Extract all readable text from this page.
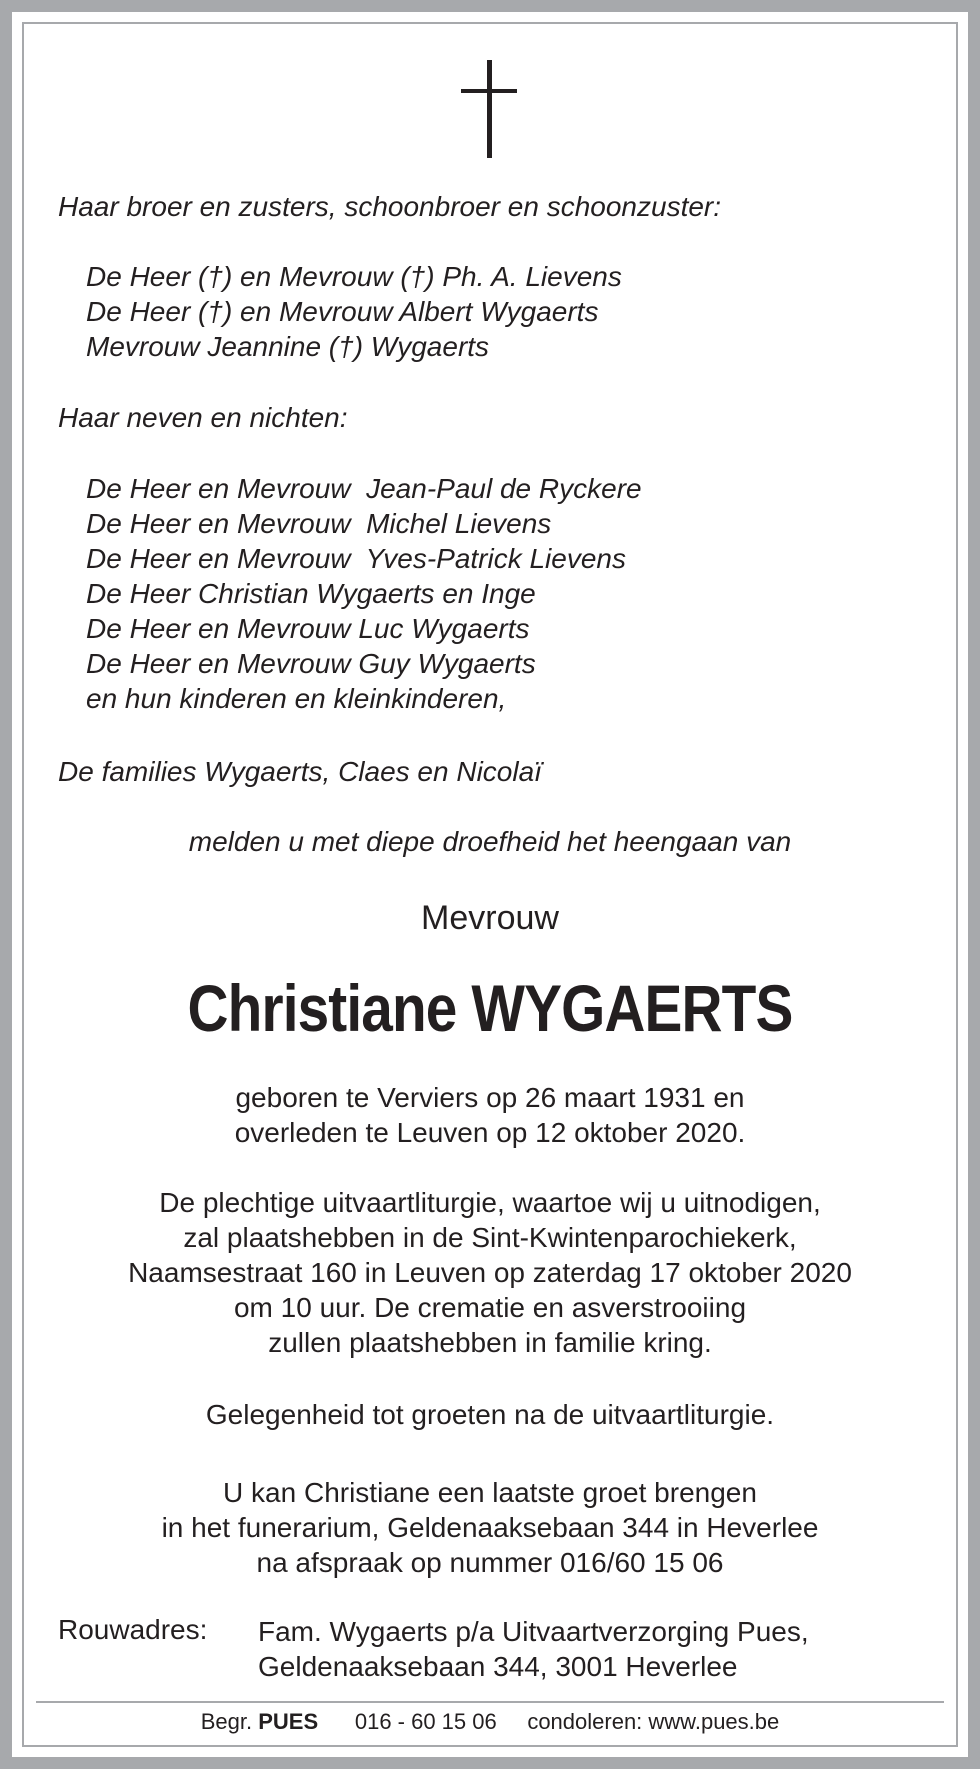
Haar broer en zusters, schoonbroer en schoonzuster:
De Heer (†) en Mevrouw (†) Ph. A. Lievens
De Heer (†) en Mevrouw Albert Wygaerts
Mevrouw Jeannine (†) Wygaerts
Haar neven en nichten:
De Heer en Mevrouw  Jean-Paul de Ryckere
De Heer en Mevrouw  Michel Lievens
De Heer en Mevrouw  Yves-Patrick Lievens
De Heer Christian Wygaerts en Inge
De Heer en Mevrouw Luc Wygaerts
De Heer en Mevrouw Guy Wygaerts
en hun kinderen en kleinkinderen,
De families Wygaerts, Claes en Nicolaï
melden u met diepe droefheid het heengaan van
Mevrouw
Christiane WYGAERTS
geboren te Verviers op 26 maart 1931 en
overleden te Leuven op 12 oktober 2020.
De plechtige uitvaartliturgie, waartoe wij u uitnodigen,
zal plaatshebben in de Sint-Kwintenparochiekerk,
Naamsestraat 160 in Leuven op zaterdag 17 oktober 2020
om 10 uur. De crematie en asverstrooiing
zullen plaatshebben in familie kring.
Gelegenheid tot groeten na de uitvaartliturgie.
U kan Christiane een laatste groet brengen
in het funerarium, Geldenaaksebaan 344 in Heverlee
na afspraak op nummer 016/60 15 06
Rouwadres: Fam. Wygaerts p/a Uitvaartverzorging Pues,
Geldenaaksebaan 344, 3001 Heverlee
Begr. PUES 016 - 60 15 06 condoleren: www.pues.be
